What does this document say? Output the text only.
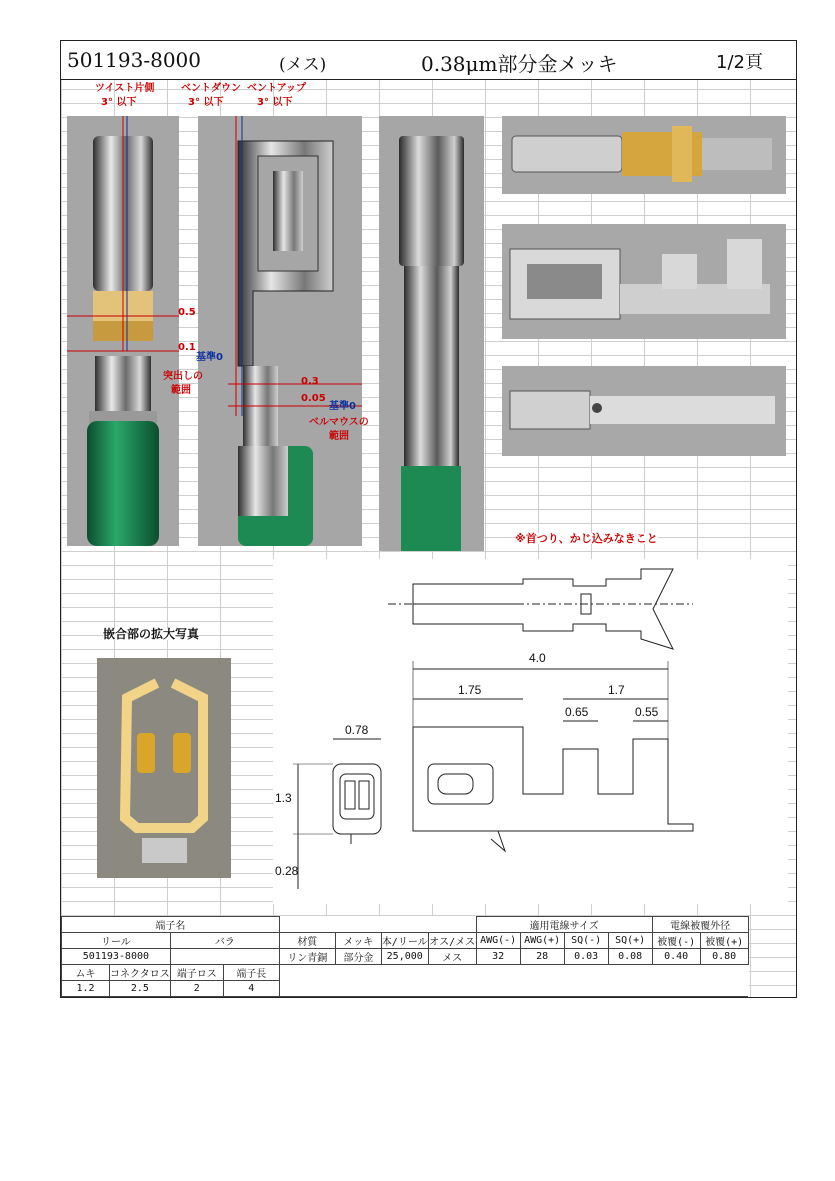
501193-8000	(メス)	0.38μm部分金メッキ	1/2頁
ツイスト片側
3° 以下
ベントダウン
3° 以下
ベントアップ
3° 以下
0.5
0.1
基準0
突出しの
範囲
0.3
0.05
基準0
ベルマウスの
範囲
※首つり、かじ込みなきこと
嵌合部の拡大写真
4.0
1.75	1.7
0.65	0.55
0.78
1.3
0.28
端子名								適用電線サイズ				電線被覆外径	
リール		バラ		材質	メッキ	本/リール	オス/メス	AWG(-)	AWG(+)	SQ(-)	SQ(+)	被覆(-)	被覆(+)
501193-8000				リン青銅	部分金	25,000	メス	32	28	0.03	0.08	0.40	0.80
ムキ	コネクタロス	端子ロス	端子長										
1.2	2.5	2	4										
